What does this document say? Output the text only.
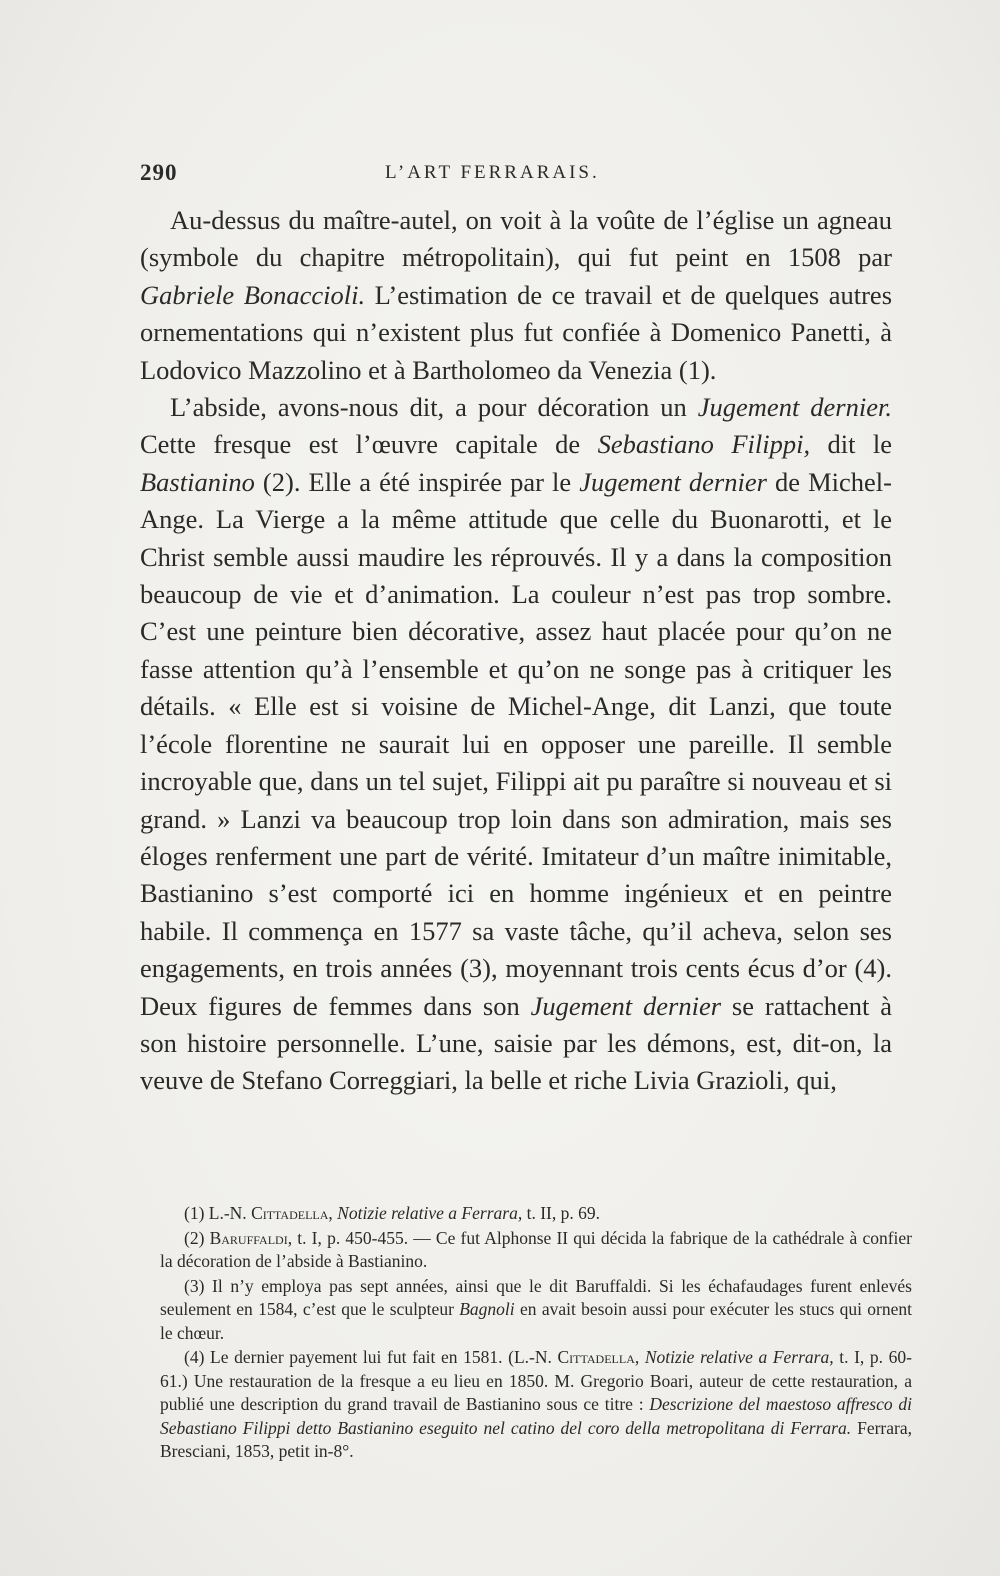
290	L’ART FERRARAIS.

Au-dessus du maître-autel, on voit à la voûte de l’église un agneau (symbole du chapitre métropolitain), qui fut peint en 1508 par Gabriele Bonaccioli. L’estimation de ce travail et de quelques autres ornementations qui n’existent plus fut confiée à Domenico Panetti, à Lodovico Mazzolino et à Bartholomeo da Venezia (1).

L’abside, avons-nous dit, a pour décoration un Jugement dernier. Cette fresque est l’œuvre capitale de Sebastiano Filippi, dit le Bastianino (2). Elle a été inspirée par le Jugement dernier de Michel-Ange. La Vierge a la même attitude que celle du Buonarotti, et le Christ semble aussi maudire les réprouvés. Il y a dans la composition beaucoup de vie et d’animation. La couleur n’est pas trop sombre. C’est une peinture bien décorative, assez haut placée pour qu’on ne fasse attention qu’à l’ensemble et qu’on ne songe pas à critiquer les détails. « Elle est si voisine de Michel-Ange, dit Lanzi, que toute l’école florentine ne saurait lui en opposer une pareille. Il semble incroyable que, dans un tel sujet, Filippi ait pu paraître si nouveau et si grand. » Lanzi va beaucoup trop loin dans son admiration, mais ses éloges renferment une part de vérité. Imitateur d’un maître inimitable, Bastianino s’est comporté ici en homme ingénieux et en peintre habile. Il commença en 1577 sa vaste tâche, qu’il acheva, selon ses engagements, en trois années (3), moyennant trois cents écus d’or (4). Deux figures de femmes dans son Jugement dernier se rattachent à son histoire personnelle. L’une, saisie par les démons, est, dit-on, la veuve de Stefano Correggiari, la belle et riche Livia Grazioli, qui,

(1) L.-N. Cittadella, Notizie relative a Ferrara, t. II, p. 69.

(2) Baruffaldi, t. I, p. 450-455. — Ce fut Alphonse II qui décida la fabrique de la cathédrale à confier la décoration de l’abside à Bastianino.

(3) Il n’y employa pas sept années, ainsi que le dit Baruffaldi. Si les échafaudages furent enlevés seulement en 1584, c’est que le sculpteur Bagnoli en avait besoin aussi pour exécuter les stucs qui ornent le chœur.

(4) Le dernier payement lui fut fait en 1581. (L.-N. Cittadella, Notizie relative a Ferrara, t. I, p. 60-61.) Une restauration de la fresque a eu lieu en 1850. M. Gregorio Boari, auteur de cette restauration, a publié une description du grand travail de Bastianino sous ce titre : Descrizione del maestoso affresco di Sebastiano Filippi detto Bastianino eseguito nel catino del coro della metropolitana di Ferrara. Ferrara, Bresciani, 1853, petit in-8°.
